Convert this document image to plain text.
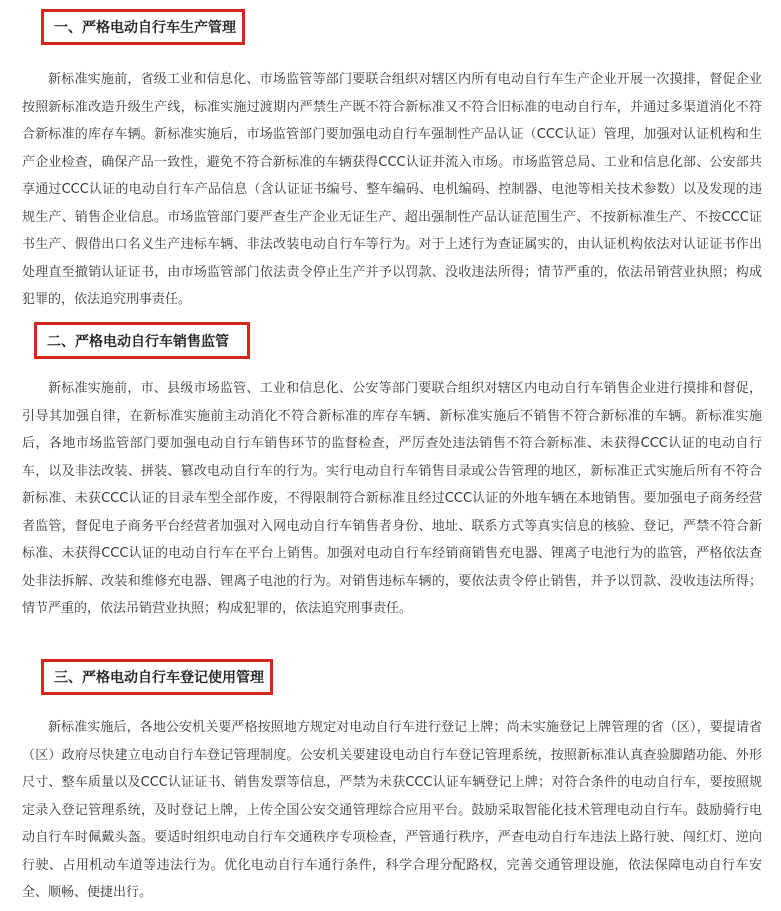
一、严格电动自行车生产管理

新标准实施前，省级工业和信息化、市场监管等部门要联合组织对辖区内所有电动自行车生产企业开展一次摸排，督促企业按照新标准改造升级生产线，标准实施过渡期内严禁生产既不符合新标准又不符合旧标准的电动自行车，并通过多渠道消化不符合新标准的库存车辆。新标准实施后，市场监管部门要加强电动自行车强制性产品认证（CCC认证）管理，加强对认证机构和生产企业检查，确保产品一致性，避免不符合新标准的车辆获得CCC认证并流入市场。市场监管总局、工业和信息化部、公安部共享通过CCC认证的电动自行车产品信息（含认证证书编号、整车编码、电机编码、控制器、电池等相关技术参数）以及发现的违规生产、销售企业信息。市场监管部门要严查生产企业无证生产、超出强制性产品认证范围生产、不按新标准生产、不按CCC证书生产、假借出口名义生产违标车辆、非法改装电动自行车等行为。对于上述行为查证属实的，由认证机构依法对认证证书作出处理直至撤销认证证书，由市场监管部门依法责令停止生产并予以罚款、没收违法所得；情节严重的，依法吊销营业执照；构成犯罪的，依法追究刑事责任。

二、严格电动自行车销售监管

新标准实施前，市、县级市场监管、工业和信息化、公安等部门要联合组织对辖区内电动自行车销售企业进行摸排和督促，引导其加强自律，在新标准实施前主动消化不符合新标准的库存车辆、新标准实施后不销售不符合新标准的车辆。新标准实施后，各地市场监管部门要加强电动自行车销售环节的监督检查，严厉查处违法销售不符合新标准、未获得CCC认证的电动自行车，以及非法改装、拼装、篡改电动自行车的行为。实行电动自行车销售目录或公告管理的地区，新标准正式实施后所有不符合新标准、未获CCC认证的目录车型全部作废，不得限制符合新标准且经过CCC认证的外地车辆在本地销售。要加强电子商务经营者监管，督促电子商务平台经营者加强对入网电动自行车销售者身份、地址、联系方式等真实信息的核验、登记，严禁不符合新标准、未获得CCC认证的电动自行车在平台上销售。加强对电动自行车经销商销售充电器、锂离子电池行为的监管，严格依法查处非法拆解、改装和维修充电器、锂离子电池的行为。对销售违标车辆的，要依法责令停止销售，并予以罚款、没收违法所得；情节严重的，依法吊销营业执照；构成犯罪的，依法追究刑事责任。

三、严格电动自行车登记使用管理

新标准实施后，各地公安机关要严格按照地方规定对电动自行车进行登记上牌；尚未实施登记上牌管理的省（区），要提请省（区）政府尽快建立电动自行车登记管理制度。公安机关要建设电动自行车登记管理系统，按照新标准认真查验脚踏功能、外形尺寸、整车质量以及CCC认证证书、销售发票等信息，严禁为未获CCC认证车辆登记上牌；对符合条件的电动自行车，要按照规定录入登记管理系统，及时登记上牌，上传全国公安交通管理综合应用平台。鼓励采取智能化技术管理电动自行车。鼓励骑行电动自行车时佩戴头盔。要适时组织电动自行车交通秩序专项检查，严管通行秩序，严查电动自行车违法上路行驶、闯红灯、逆向行驶、占用机动车道等违法行为。优化电动自行车通行条件，科学合理分配路权，完善交通管理设施，依法保障电动自行车安全、顺畅、便捷出行。
